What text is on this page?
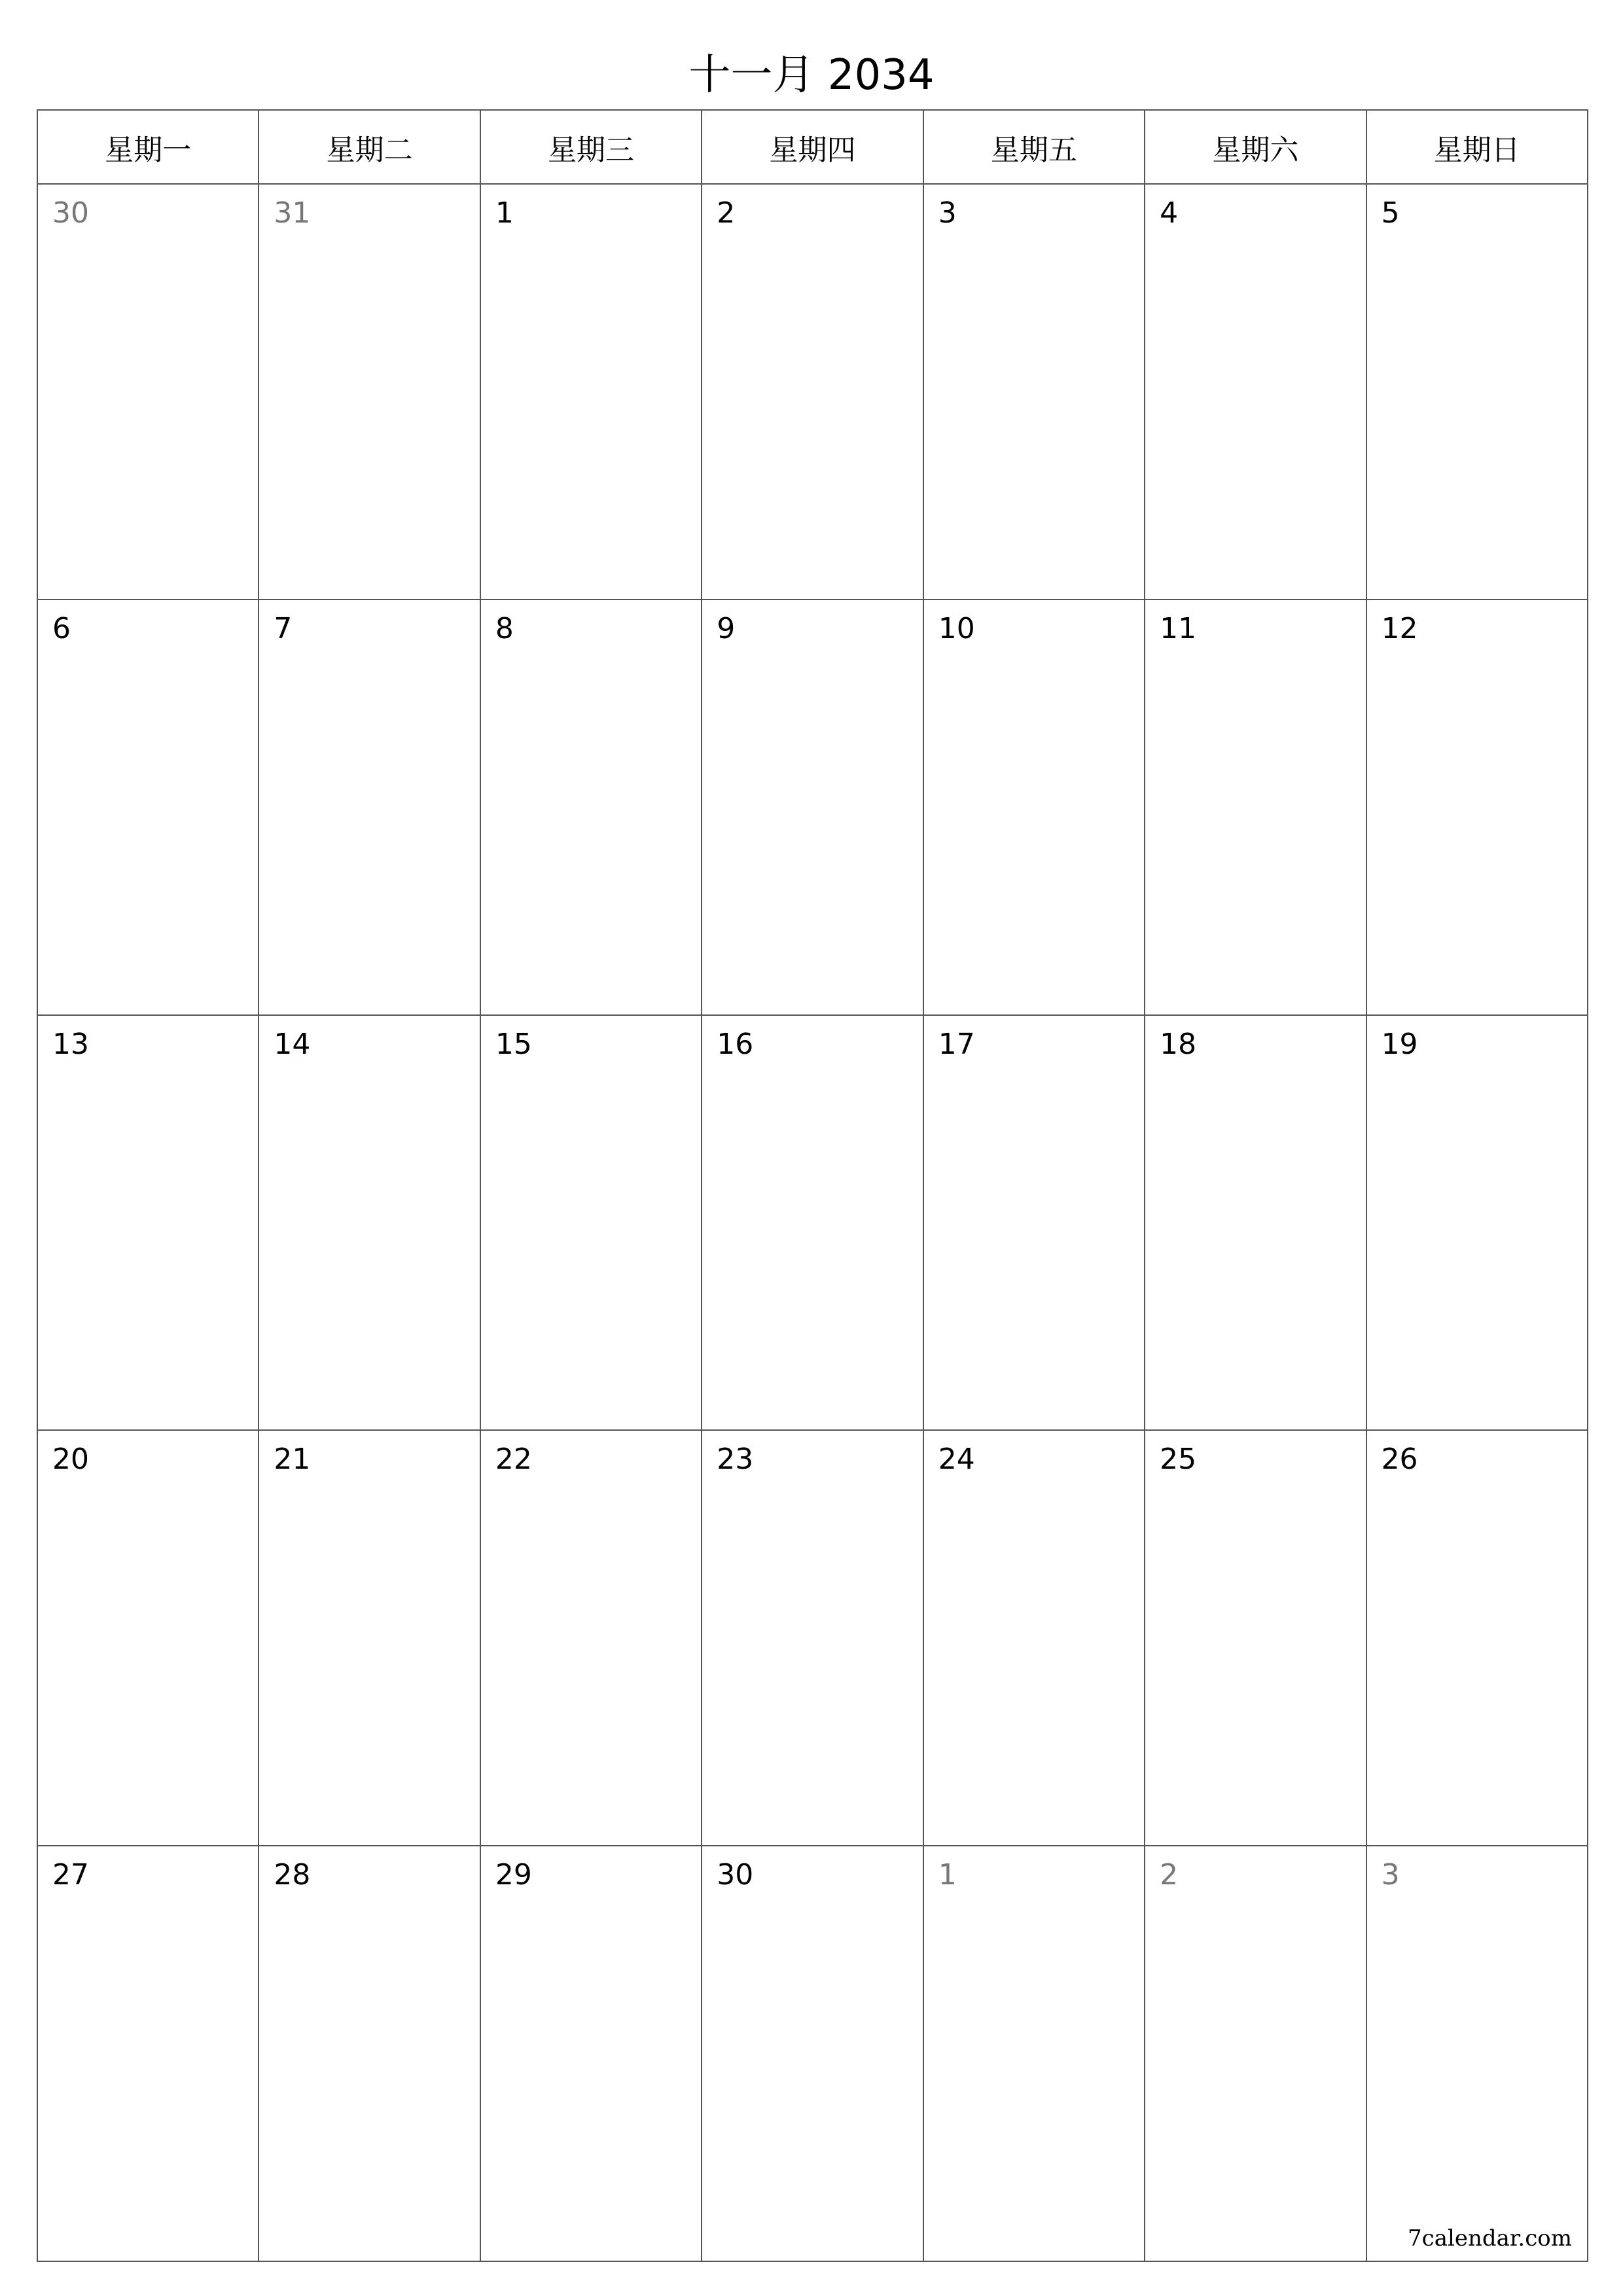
十一月 2034
星期一	星期二	星期三	星期四	星期五	星期六	星期日
30	31	1	2	3	4	5
6	7	8	9	10	11	12
13	14	15	16	17	18	19
20	21	22	23	24	25	26
27	28	29	30	1	2	3
7calendar.com
